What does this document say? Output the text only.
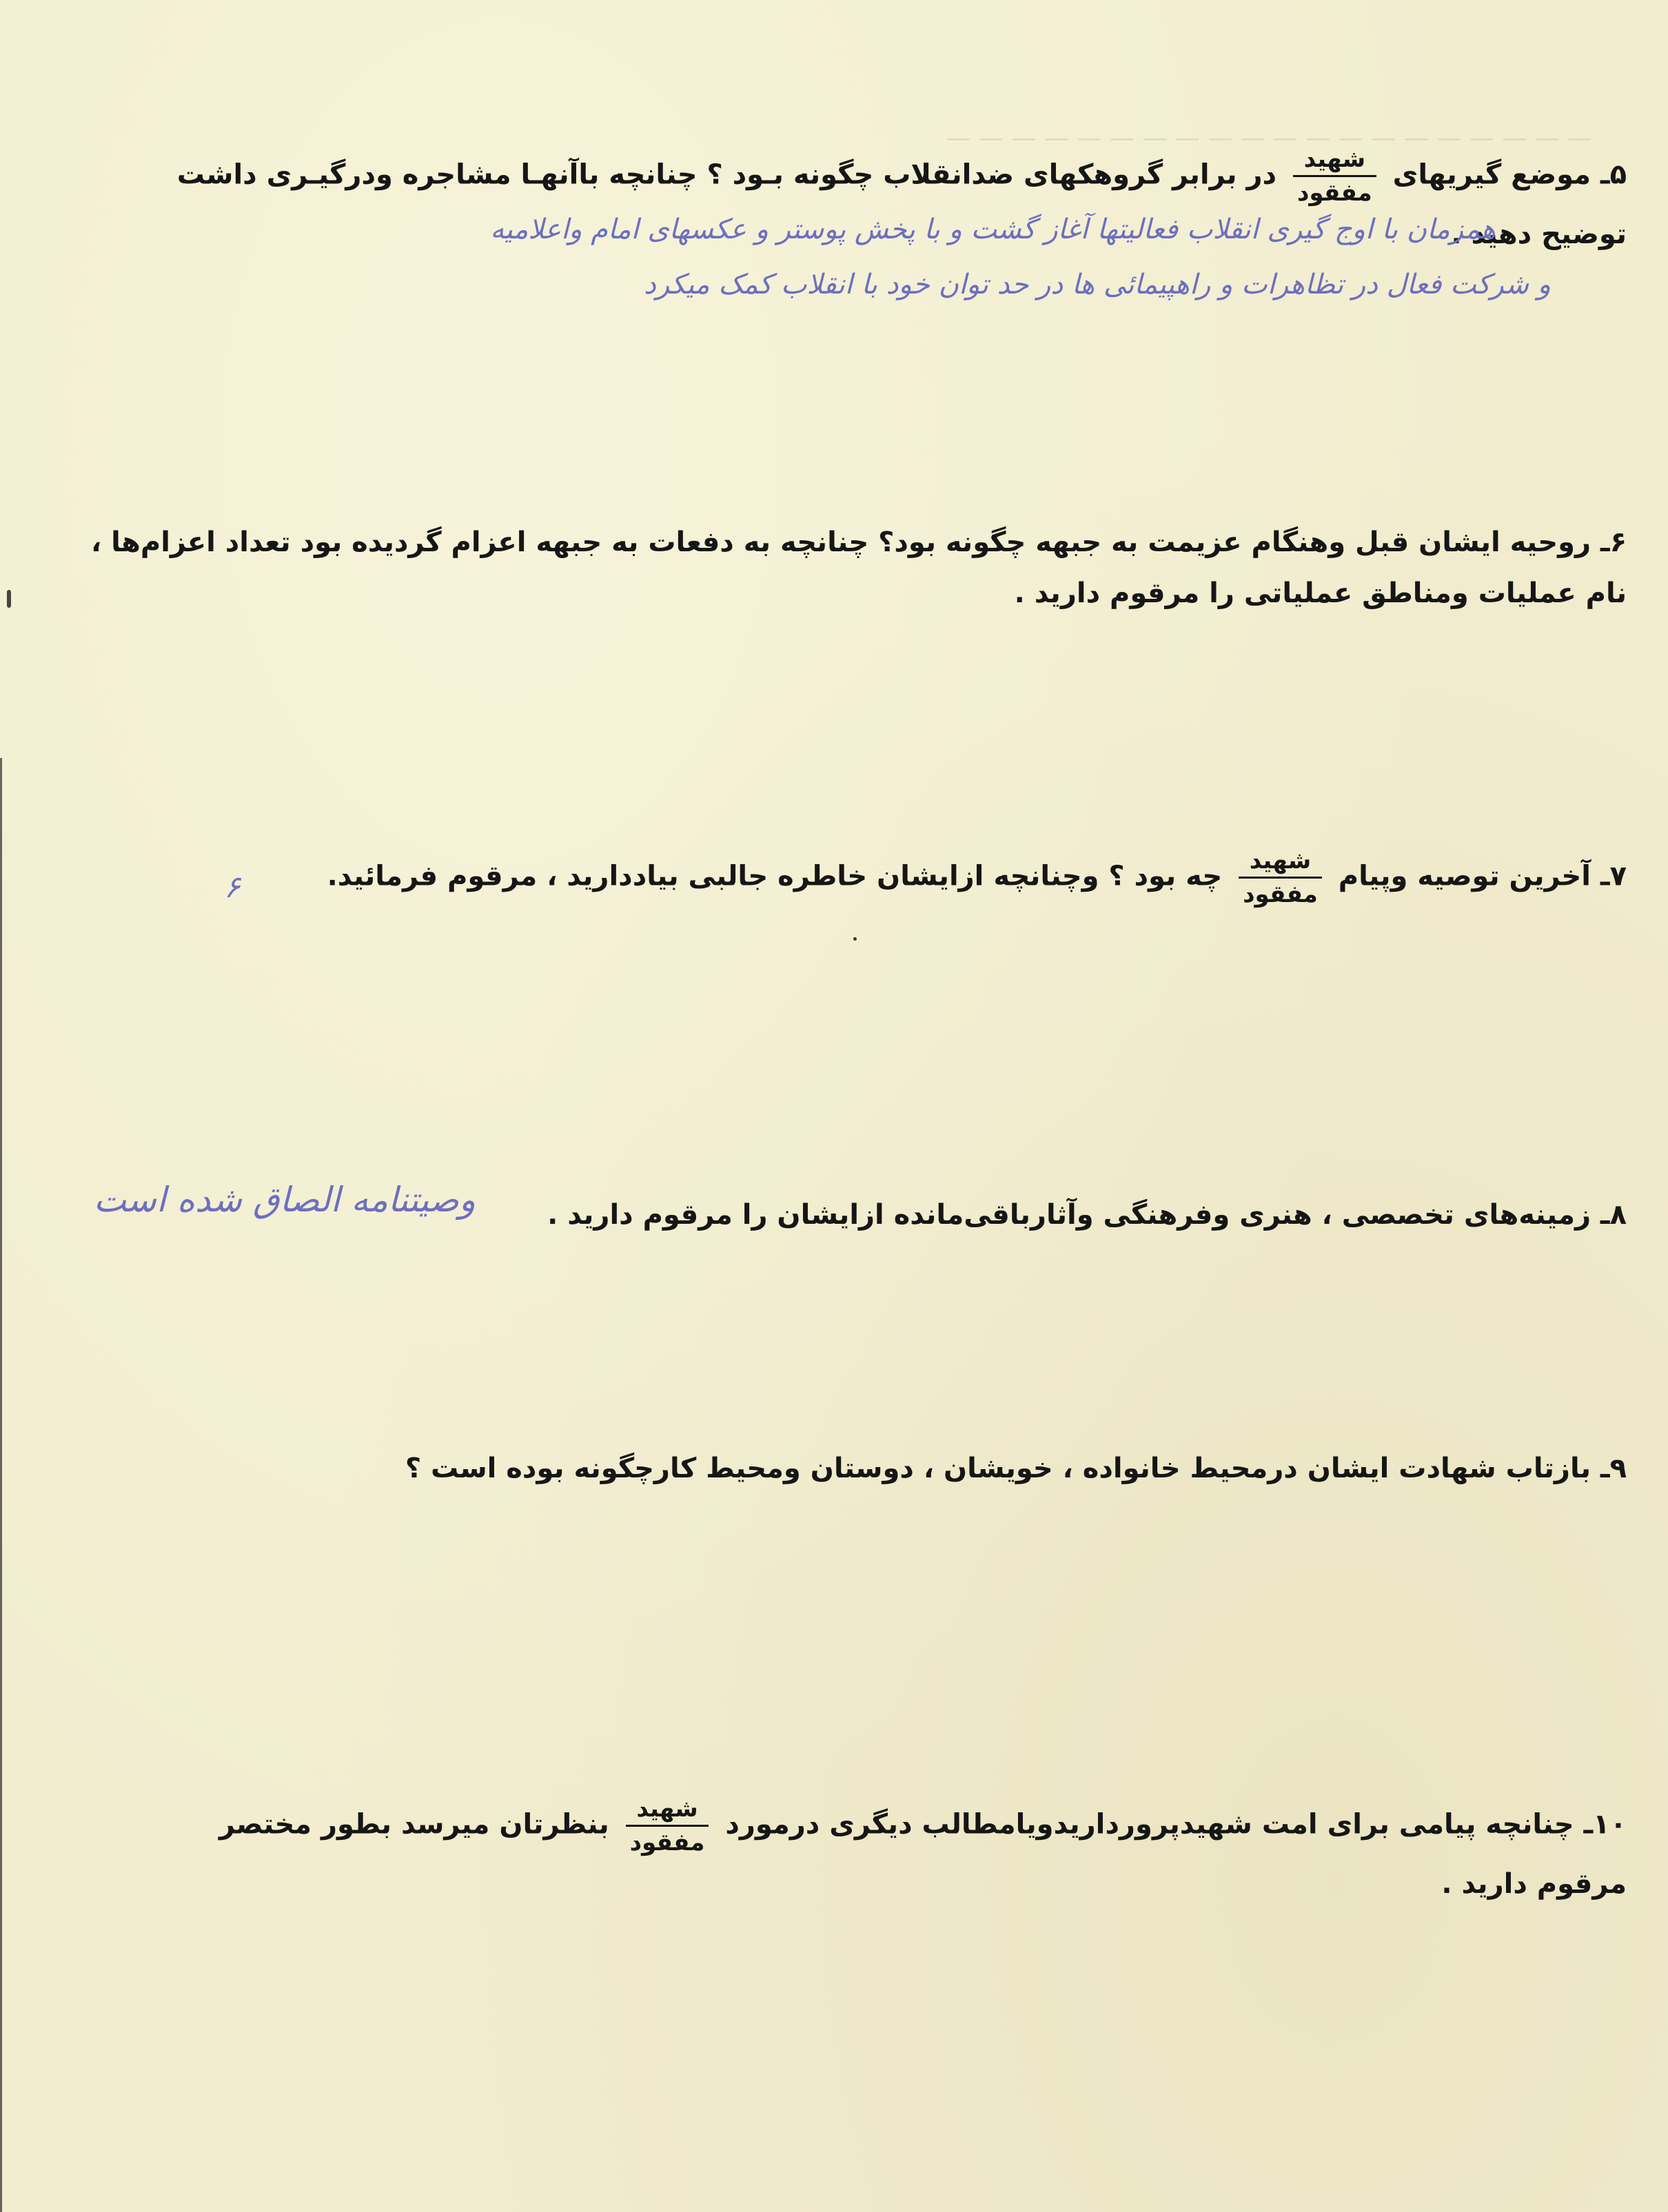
— — — — — — — — — — — — — — — — — — — —
۵ـ موضع گیریهای
$\frac{\text{شهید}}{\text{مفقود}}$
در برابر گروهکهای ضدانقلاب چگونه بـود ؟ چنانچه باآنهـا مشاجره ودرگیـری داشت
توضیح دهید .
همزمان با اوج گیری انقلاب فعالیتها آغاز گشت و با پخش پوستر و عکسهای امام واعلامیه
و شرکت فعال در تظاهرات و راهپیمائی ها در حد توان خود با انقلاب کمک میکرد
۶ـ روحیه ایشان قبل وهنگام عزیمت به جبهه چگونه بود؟ چنانچه به دفعات به جبهه اعزام گردیده بود تعداد اعزام‌ها ،
نام عملیات ومناطق عملیاتی را مرقوم دارید .
۷ـ آخرین توصیه وپیام
$\frac{\text{شهید}}{\text{مفقود}}$
چه بود ؟ وچنانچه ازایشان خاطره جالبی بیاددارید ، مرقوم فرمائید.
۶
۸ـ زمینه‌های تخصصی ، هنری وفرهنگی وآثارباقی‌مانده ازایشان را مرقوم دارید .
وصیتنامه الصاق شده است
۹ـ بازتاب شهادت ایشان درمحیط خانواده ، خویشان ، دوستان ومحیط کارچگونه بوده است ؟
۱۰ـ چنانچه پیامی برای امت شهیدپرورداریدویامطالب دیگری درمورد
$\frac{\text{شهید}}{\text{مفقود}}$
بنظرتان میرسد بطور مختصر
مرقوم دارید .
